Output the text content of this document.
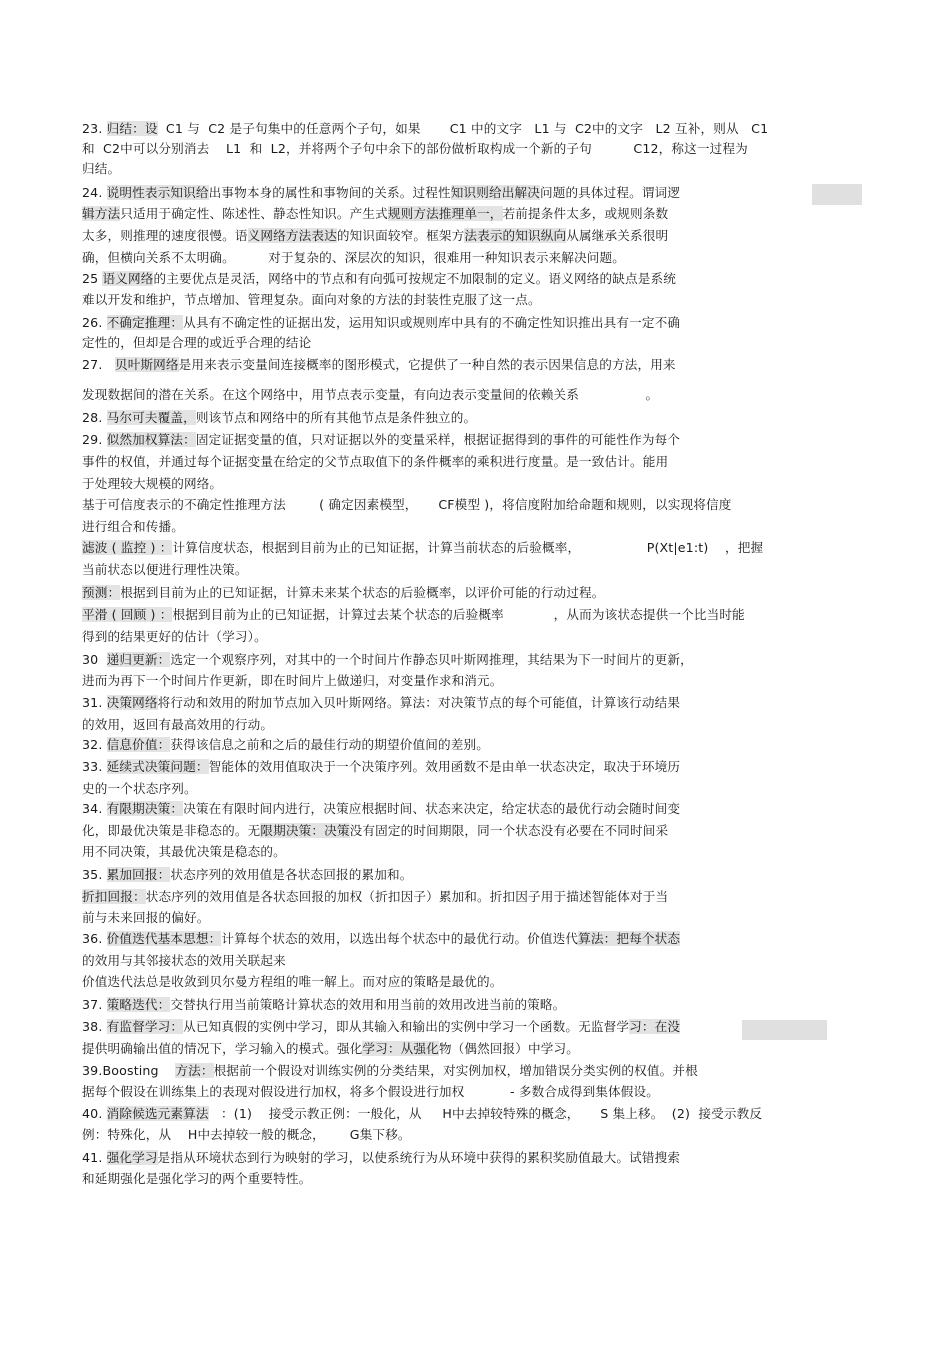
23. 归结：设  C1 与  C2 是子句集中的任意两个子句，如果       C1 中的文字   L1 与  C2中的文字   L2 互补，则从   C1
和  C2中可以分别消去    L1  和  L2，并将两个子句中余下的部份做析取构成一个新的子句          C12，称这一过程为
归结。
24. 说明性表示知识给出事物本身的属性和事物间的关系。过程性知识则给出解决问题的具体过程。谓词逻
辑方法只适用于确定性、陈述性、静态性知识。产生式规则方法推理单一，若前提条件太多，或规则条数
太多，则推理的速度很慢。语义网络方法表达的知识面较窄。框架方法表示的知识纵向从属继承关系很明
确，但横向关系不太明确。        对于复杂的、深层次的知识，很难用一种知识表示来解决问题。
25 语义网络的主要优点是灵活，网络中的节点和有向弧可按规定不加限制的定义。语义网络的缺点是系统
难以开发和维护，节点增加、管理复杂。面向对象的方法的封装性克服了这一点。
26. 不确定推理：从具有不确定性的证据出发，运用知识或规则库中具有的不确定性知识推出具有一定不确
定性的，但却是合理的或近乎合理的结论
27.   贝叶斯网络是用来表示变量间连接概率的图形模式，它提供了一种自然的表示因果信息的方法，用来
发现数据间的潜在关系。在这个网络中，用节点表示变量，有向边表示变量间的依赖关系                。
28. 马尔可夫覆盖，则该节点和网络中的所有其他节点是条件独立的。
29. 似然加权算法：固定证据变量的值，只对证据以外的变量采样，根据证据得到的事件的可能性作为每个
事件的权值，并通过每个证据变量在给定的父节点取值下的条件概率的乘积进行度量。是一致估计。能用
于处理较大规模的网络。
基于可信度表示的不确定性推理方法        ( 确定因素模型，     CF模型 )，将信度附加给命题和规则，以实现将信度
进行组合和传播。
滤波 ( 监控 ) ：计算信度状态，根据到目前为止的已知证据，计算当前状态的后验概率，                P(Xt|e1:t)    ，把握
当前状态以便进行理性决策。
预测：根据到目前为止的已知证据，计算未来某个状态的后验概率，以评价可能的行动过程。
平滑 ( 回顾 ) ：根据到目前为止的已知证据，计算过去某个状态的后验概率            ，从而为该状态提供一个比当时能
得到的结果更好的估计（学习）。
30  递归更新：选定一个观察序列，对其中的一个时间片作静态贝叶斯网推理，其结果为下一时间片的更新，
进而为再下一个时间片作更新，即在时间片上做递归，对变量作求和消元。
31. 决策网络将行动和效用的附加节点加入贝叶斯网络。算法：对决策节点的每个可能值，计算该行动结果
的效用，返回有最高效用的行动。
32. 信息价值：获得该信息之前和之后的最佳行动的期望价值间的差别。
33. 延续式决策问题：智能体的效用值取决于一个决策序列。效用函数不是由单一状态决定，取决于环境历
史的一个状态序列。
34. 有限期决策：决策在有限时间内进行，决策应根据时间、状态来决定，给定状态的最优行动会随时间变
化，即最优决策是非稳态的。无限期决策：决策没有固定的时间期限，同一个状态没有必要在不同时间采
用不同决策，其最优决策是稳态的。
35. 累加回报：状态序列的效用值是各状态回报的累加和。
折扣回报：状态序列的效用值是各状态回报的加权（折扣因子）累加和。折扣因子用于描述智能体对于当
前与未来回报的偏好。
36. 价值迭代基本思想：计算每个状态的效用，以选出每个状态中的最优行动。价值迭代算法：把每个状态
的效用与其邻接状态的效用关联起来
价值迭代法总是收敛到贝尔曼方程组的唯一解上。而对应的策略是最优的。
37. 策略迭代：交替执行用当前策略计算状态的效用和用当前的效用改进当前的策略。
38. 有监督学习：从已知真假的实例中学习，即从其输入和输出的实例中学习一个函数。无监督学习：在没
提供明确输出值的情况下，学习输入的模式。强化学习：从强化物（偶然回报）中学习。
39.Boosting    方法：根据前一个假设对训练实例的分类结果，对实例加权，增加错误分类实例的权值。并根
据每个假设在训练集上的表现对假设进行加权，将多个假设进行加权           - 多数合成得到集体假设。
40. 消除候选元素算法   ：(1)    接受示教正例：一般化，从     H中去掉较特殊的概念，     S 集上移。  (2)  接受示教反
例：特殊化，从    H中去掉较一般的概念，      G集下移。
41. 强化学习是指从环境状态到行为映射的学习，以使系统行为从环境中获得的累积奖励值最大。试错搜索
和延期强化是强化学习的两个重要特性。
